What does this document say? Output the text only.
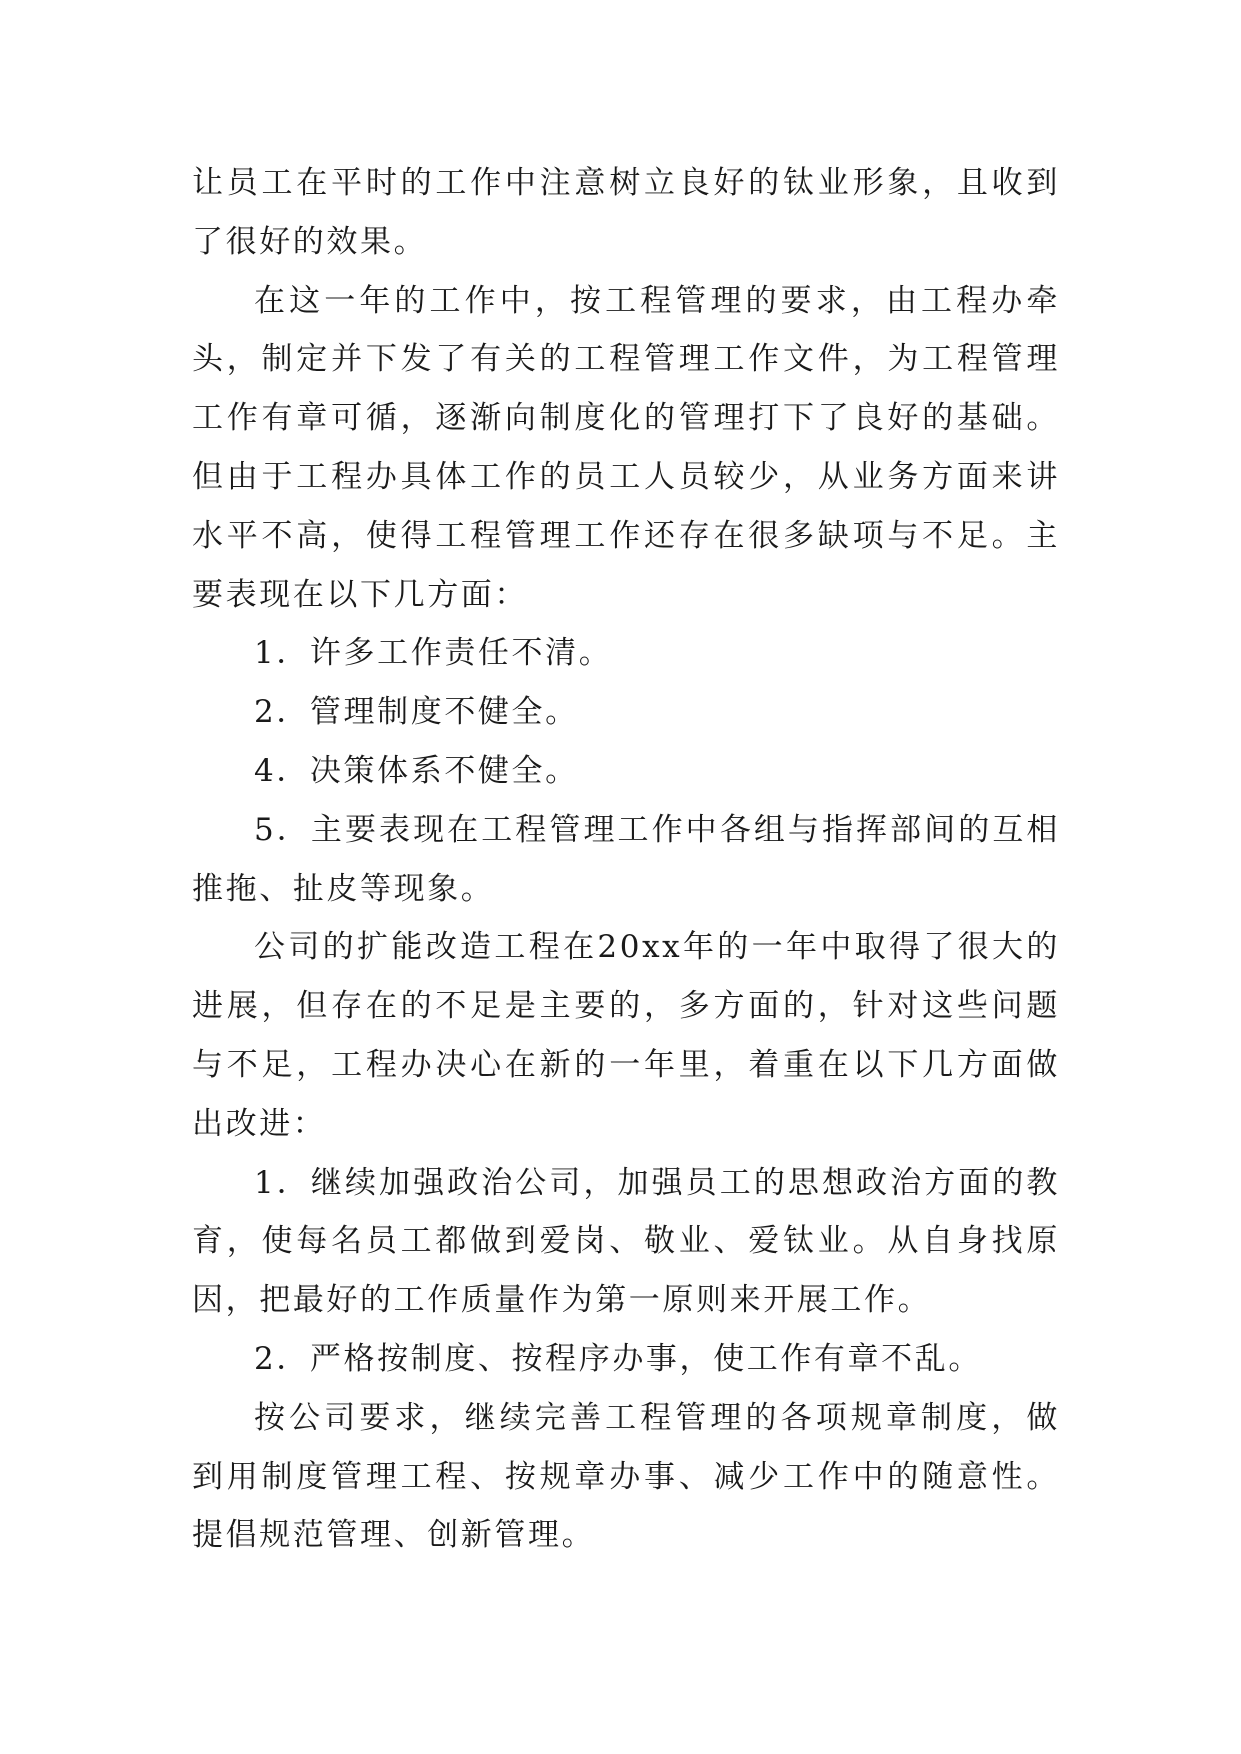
让员工在平时的工作中注意树立良好的钛业形象，且收到了很好的效果。

在这一年的工作中，按工程管理的要求，由工程办牵头，制定并下发了有关的工程管理工作文件，为工程管理工作有章可循，逐渐向制度化的管理打下了良好的基础。但由于工程办具体工作的员工人员较少，从业务方面来讲水平不高，使得工程管理工作还存在很多缺项与不足。主要表现在以下几方面：

1．许多工作责任不清。

2．管理制度不健全。

4．决策体系不健全。

5．主要表现在工程管理工作中各组与指挥部间的互相推拖、扯皮等现象。

公司的扩能改造工程在20xx年的一年中取得了很大的进展，但存在的不足是主要的，多方面的，针对这些问题与不足，工程办决心在新的一年里，着重在以下几方面做出改进：

1．继续加强政治公司，加强员工的思想政治方面的教育，使每名员工都做到爱岗、敬业、爱钛业。从自身找原因，把最好的工作质量作为第一原则来开展工作。

2．严格按制度、按程序办事，使工作有章不乱。

按公司要求，继续完善工程管理的各项规章制度，做到用制度管理工程、按规章办事、减少工作中的随意性。提倡规范管理、创新管理。
